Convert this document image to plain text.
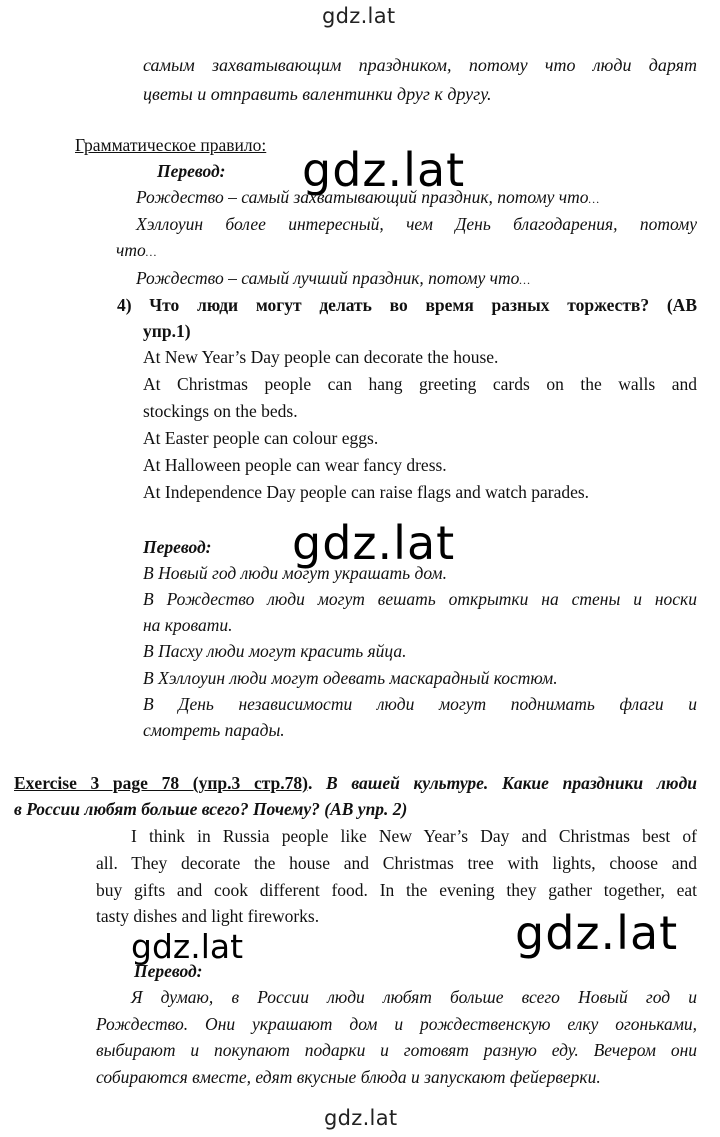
gdz.lat
самым захватывающим праздником, потому что люди дарят
цветы и отправить валентинки друг к другу.
Грамматическое правило:
Перевод: gdz.lat
Рождество – самый захватывающий праздник, потому что…
Хэллоуин более интересный, чем День благодарения, потому
что…
Рождество – самый лучший праздник, потому что…
4) Что люди могут делать во время разных торжеств? (AB
упр.1)
At New Year’s Day people can decorate the house.
At Christmas people can hang greeting cards on the walls and
stockings on the beds.
At Easter people can colour eggs.
At Halloween people can wear fancy dress.
At Independence Day people can raise flags and watch parades.
Перевод: gdz.lat
В Новый год люди могут украшать дом.
В Рождество люди могут вешать открытки на стены и носки
на кровати.
В Пасху люди могут красить яйца.
В Хэллоуин люди могут одевать маскарадный костюм.
В День независимости люди могут поднимать флаги и
смотреть парады.
Exercise 3 page 78 (упр.3 стр.78). В вашей культуре. Какие праздники люди
в России любят больше всего? Почему? (AB упр. 2)
I think in Russia people like New Year’s Day and Christmas best of
all. They decorate the house and Christmas tree with lights, choose and
buy gifts and cook different food. In the evening they gather together, eat
tasty dishes and light fireworks.	gdz.lat
gdz.lat
Перевод:
Я думаю, в России люди любят больше всего Новый год и
Рождество. Они украшают дом и рождественскую елку огоньками,
выбирают и покупают подарки и готовят разную еду. Вечером они
собираются вместе, едят вкусные блюда и запускают фейерверки.
gdz.lat
